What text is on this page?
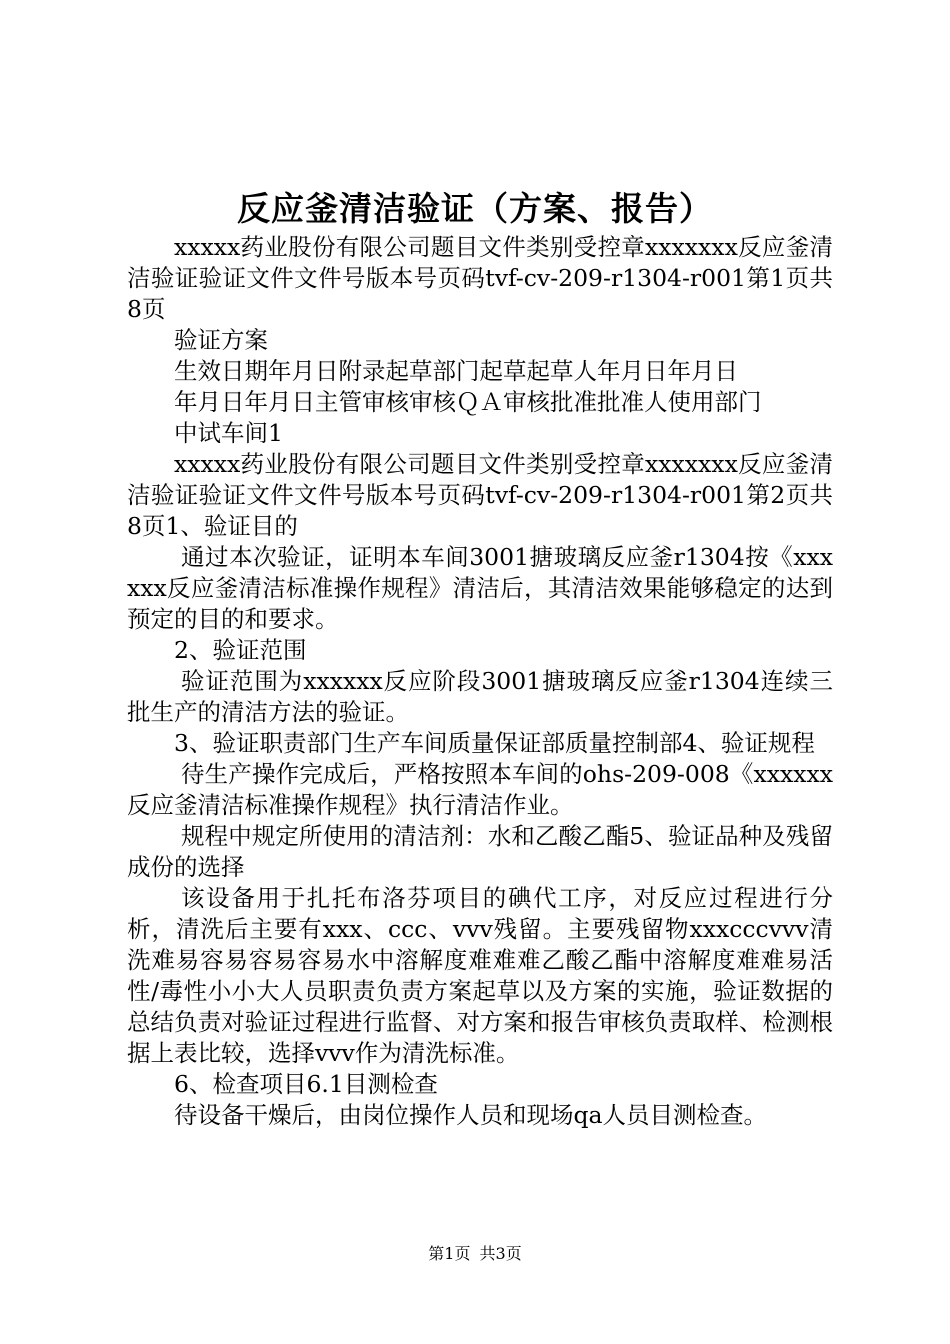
反应釜清洁验证（方案、报告）

xxxxx药业股份有限公司题目文件类别受控章xxxxxxx反应釜清洁验证验证文件文件号版本号页码tvf-cv-209-r1304-r001第1页共8页

验证方案

生效日期年月日附录起草部门起草起草人年月日年月日

年月日年月日主管审核审核ＱＡ审核批准批准人使用部门

中试车间1

xxxxx药业股份有限公司题目文件类别受控章xxxxxxx反应釜清洁验证验证文件文件号版本号页码tvf-cv-209-r1304-r001第2页共8页1、验证目的

通过本次验证，证明本车间3001搪玻璃反应釜r1304按《xxxxxx反应釜清洁标准操作规程》清洁后，其清洁效果能够稳定的达到预定的目的和要求。

2、验证范围

验证范围为xxxxxx反应阶段3001搪玻璃反应釜r1304连续三批生产的清洁方法的验证。

3、验证职责部门生产车间质量保证部质量控制部4、验证规程

待生产操作完成后，严格按照本车间的ohs-209-008《xxxxxx反应釜清洁标准操作规程》执行清洁作业。

规程中规定所使用的清洁剂：水和乙酸乙酯5、验证品种及残留成份的选择

该设备用于扎托布洛芬项目的碘代工序，对反应过程进行分析，清洗后主要有xxx、ccc、vvv残留。主要残留物xxxcccvvv清洗难易容易容易容易水中溶解度难难难乙酸乙酯中溶解度难难易活性/毒性小小大人员职责负责方案起草以及方案的实施，验证数据的总结负责对验证过程进行监督、对方案和报告审核负责取样、检测根据上表比较，选择vvv作为清洗标准。

6、检查项目6.1目测检查

待设备干燥后，由岗位操作人员和现场qa人员目测检查。

第1页 共3页
